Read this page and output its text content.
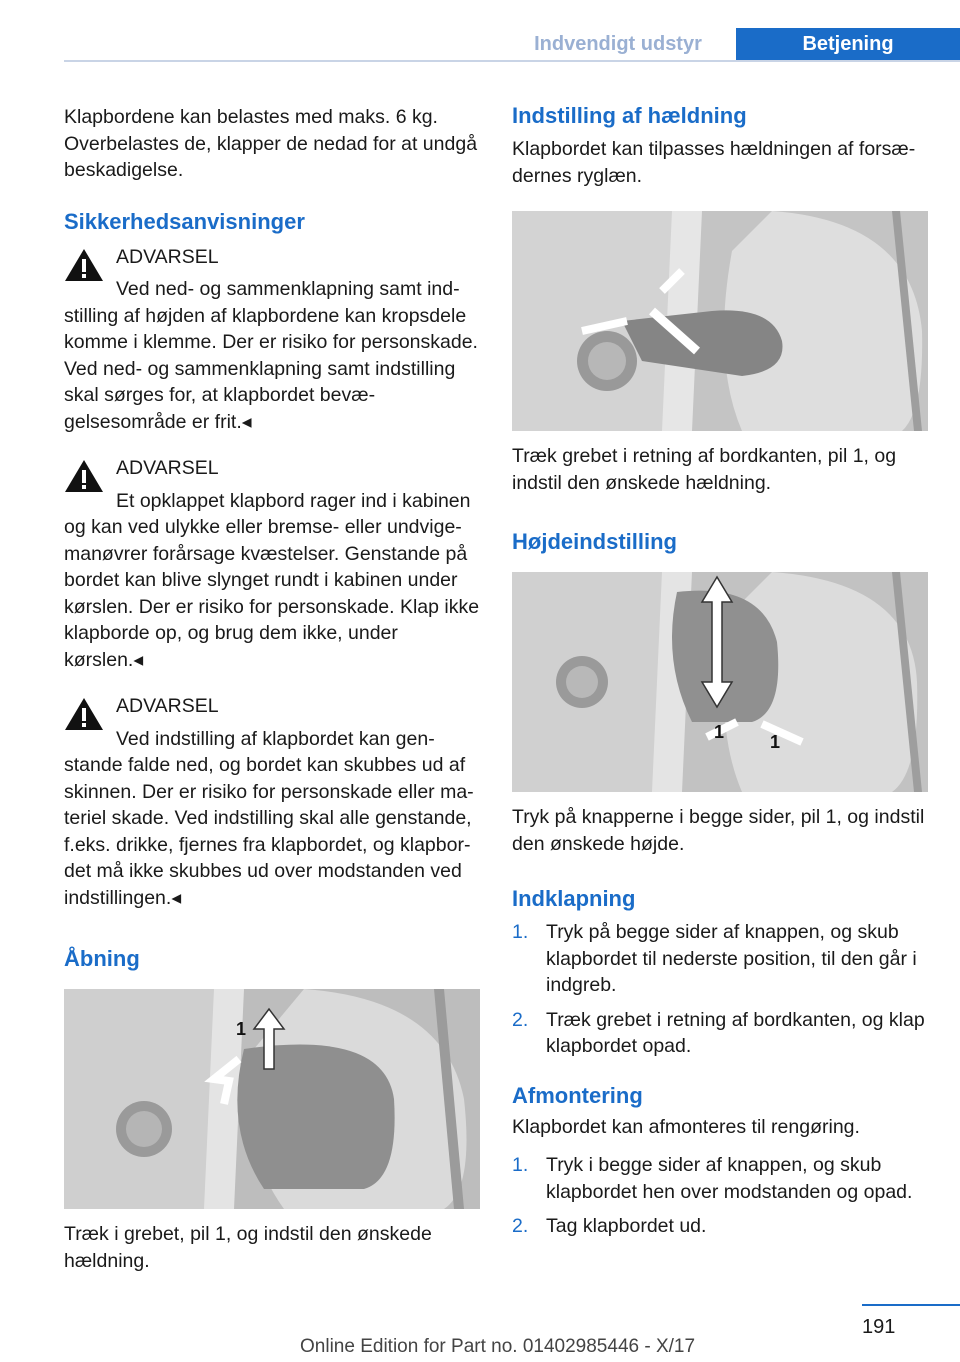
Indvendigt udstyr	Betjening

Klapbordene kan belastes med maks. 6 kg. Overbelastes de, klapper de nedad for at undgå beskadigelse.

Sikkerhedsanvisninger

ADVARSEL

Ved ned- og sammenklapning samt indstilling af højden af klapbordene kan kropsdele komme i klemme. Der er risiko for personskade. Ved ned- og sammenklapning samt indstilling skal sørges for, at klapbordet bevægelsesområde er frit.◂

ADVARSEL

Et opklappet klapbord rager ind i kabinen og kan ved ulykke eller bremse- eller undvigemanøvrer forårsage kvæstelser. Genstande på bordet kan blive slynget rundt i kabinen under kørslen. Der er risiko for personskade. Klap ikke klapborde op, og brug dem ikke, under kørslen.◂

ADVARSEL

Ved indstilling af klapbordet kan genstande falde ned, og bordet kan skubbes ud af skinnen. Der er risiko for personskade eller materiel skade. Ved indstilling skal alle genstande, f.eks. drikke, fjernes fra klapbordet, og klapbordet må ikke skubbes ud over modstanden ved indstillingen.◂

Åbning
1

Træk i grebet, pil 1, og indstil den ønskede hældning.

Indstilling af hældning

Klapbordet kan tilpasses hældningen af forsædernes ryglæn.

Træk grebet i retning af bordkanten, pil 1, og indstil den ønskede hældning.

Højdeindstilling
1	1

Tryk på knapperne i begge sider, pil 1, og indstil den ønskede højde.

Indklapning
1. Tryk på begge sider af knappen, og skub klapbordet til nederste position, til den går i indgreb.
2. Træk grebet i retning af bordkanten, og klap klapbordet opad.
Afmontering

Klapbordet kan afmonteres til rengøring.

1. Tryk i begge sider af knappen, og skub klapbordet hen over modstanden og opad.
2. Tag klapbordet ud.
191
Online Edition for Part no. 01402985446 - X/17
